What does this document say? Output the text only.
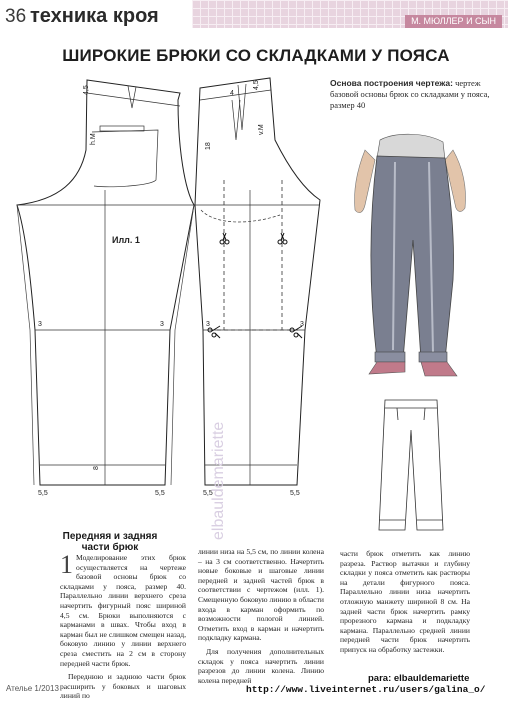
36 техника кроя	М. МЮЛЛЕР И СЫН
ШИРОКИЕ БРЮКИ СО СКЛАДКАМИ У ПОЯСА
Илл. 1
4,5	4
4,5
18
h.M
v.M
3	3	3	3
8
5,5	5,5	5,5	5,5
Основа построения чертежа: чертеж базовой основы брюк со складками у пояса, размер 40
elbauldemariette
Передняя и задняя
части брюк

1 Моделирование этих брюк осуществляется на чертеже базовой основы брюк со складками у пояса, размер 40. Параллельно линии верхнего среза начертить фигурный пояс шириной 4,5 см. Брюки выполняются с карманами в швах. Чтобы вход в карман был не слишком смещен назад, боковую линию у линии верхнего среза сместить на 2 см в сторону передней части брюк.

Переднюю и заднюю части брюк расширить у боковых и шаговых линий по

линии низа на 5,5 см, по линии колена – на 3 см соответственно. Начертить новые боковые и шаговые линии передней и задней частей брюк в соответствии с чертежом (илл. 1). Смещенную боковую линию в области входа в карман оформить по возможности пологой линией. Отметить вход в карман и начертить подкладку кармана.

Для получения дополнительных складок у пояса начертить линии разрезов до линии колена. Линию колена передней

части брюк отметить как линию разреза. Раствор вытачки и глубину складки у пояса отметить как растворы на детали фигурного пояса. Параллельно линии низа начертить отложную манжету шириной 8 см. На задней части брюк начертить рамку прорезного кармана и подкладку кармана. Параллельно средней линии передней части брюк начертить припуск на обработку застежки.

Ателье 1/2013
para: elbauldemariette
http://www.liveinternet.ru/users/galina_o/
